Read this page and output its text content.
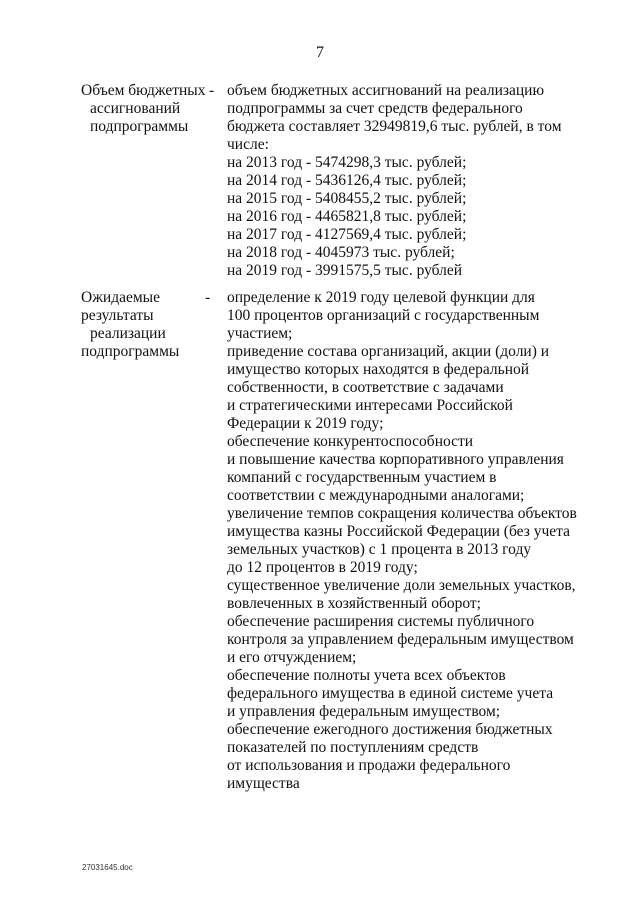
7
Объем бюджетных
ассигнований
подпрограммы
- объем бюджетных ассигнований на реализацию
подпрограммы за счет средств федерального
бюджета составляет 32949819,6 тыс. рублей, в том
числе:
на 2013 год - 5474298,3 тыс. рублей;
на 2014 год - 5436126,4 тыс. рублей;
на 2015 год - 5408455,2 тыс. рублей;
на 2016 год - 4465821,8 тыс. рублей;
на 2017 год - 4127569,4 тыс. рублей;
на 2018 год - 4045973 тыс. рублей;
на 2019 год - 3991575,5 тыс. рублей
Ожидаемые
результаты
реализации
подпрограммы
- определение к 2019 году целевой функции для
100 процентов организаций с государственным
участием;
приведение состава организаций, акции (доли) и
имущество которых находятся в федеральной
собственности, в соответствие с задачами
и стратегическими интересами Российской
Федерации к 2019 году;
обеспечение конкурентоспособности
и повышение качества корпоративного управления
компаний с государственным участием в
соответствии с международными аналогами;
увеличение темпов сокращения количества объектов
имущества казны Российской Федерации (без учета
земельных участков) с 1 процента в 2013 году
до 12 процентов в 2019 году;
существенное увеличение доли земельных участков,
вовлеченных в хозяйственный оборот;
обеспечение расширения системы публичного
контроля за управлением федеральным имуществом
и его отчуждением;
обеспечение полноты учета всех объектов
федерального имущества в единой системе учета
и управления федеральным имуществом;
обеспечение ежегодного достижения бюджетных
показателей по поступлениям средств
от использования и продажи федерального
имущества
27031645.doc
